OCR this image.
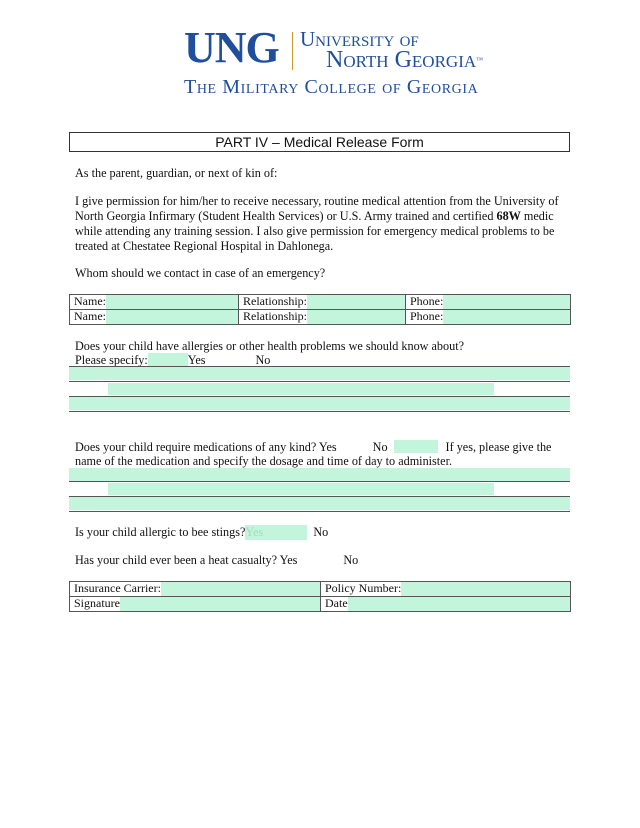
UNG University of
North Georgia™
The Military College of Georgia
PART IV – Medical Release Form
As the parent, guardian, or next of kin of:
I give permission for him/her to receive necessary, routine medical attention from the University of North Georgia Infirmary (Student Health Services) or U.S. Army trained and certified 68W medic while attending any training session. I also give permission for emergency medical problems to be treated at Chestatee Regional Hospital in Dahlonega.
Whom should we contact in case of an emergency?
Name:	Relationship:	Phone:

Name:	Relationship:	Phone:
Does your child have allergies or other health problems we should know about?
Please specify:	Yes	No
Does your child require medications of any kind? Yes	No	If yes, please give the
name of the medication and specify the dosage and time of day to administer.
Is your child allergic to bee stings?Yes	No
Has your child ever been a heat casualty? Yes	No
Insurance Carrier:	Policy Number:

Signature	Date
